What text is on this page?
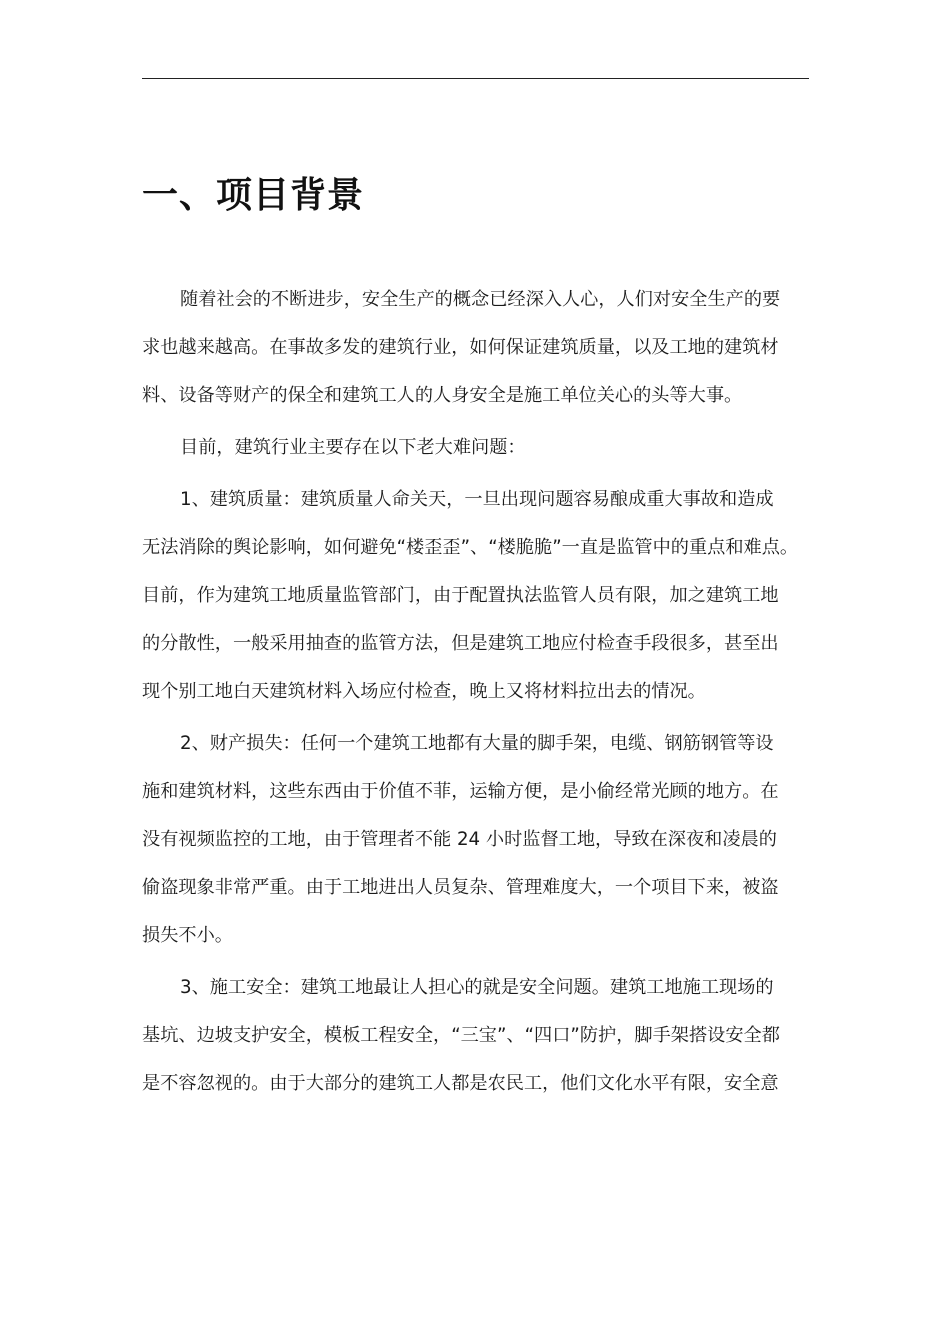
一、项目背景

随着社会的不断进步，安全生产的概念已经深入人心，人们对安全生产的要
求也越来越高。在事故多发的建筑行业，如何保证建筑质量，以及工地的建筑材
料、设备等财产的保全和建筑工人的人身安全是施工单位关心的头等大事。

目前，建筑行业主要存在以下老大难问题：

1、建筑质量：建筑质量人命关天，一旦出现问题容易酿成重大事故和造成
无法消除的舆论影响，如何避免“楼歪歪”、“楼脆脆”一直是监管中的重点和难点。
目前，作为建筑工地质量监管部门，由于配置执法监管人员有限，加之建筑工地
的分散性，一般采用抽查的监管方法，但是建筑工地应付检查手段很多，甚至出
现个别工地白天建筑材料入场应付检查，晚上又将材料拉出去的情况。

2、财产损失：任何一个建筑工地都有大量的脚手架，电缆、钢筋钢管等设
施和建筑材料，这些东西由于价值不菲，运输方便，是小偷经常光顾的地方。在
没有视频监控的工地，由于管理者不能 24 小时监督工地，导致在深夜和凌晨的
偷盗现象非常严重。由于工地进出人员复杂、管理难度大，一个项目下来，被盗
损失不小。

3、施工安全：建筑工地最让人担心的就是安全问题。建筑工地施工现场的
基坑、边坡支护安全，模板工程安全，“三宝”、“四口”防护，脚手架搭设安全都
是不容忽视的。由于大部分的建筑工人都是农民工，他们文化水平有限，安全意
